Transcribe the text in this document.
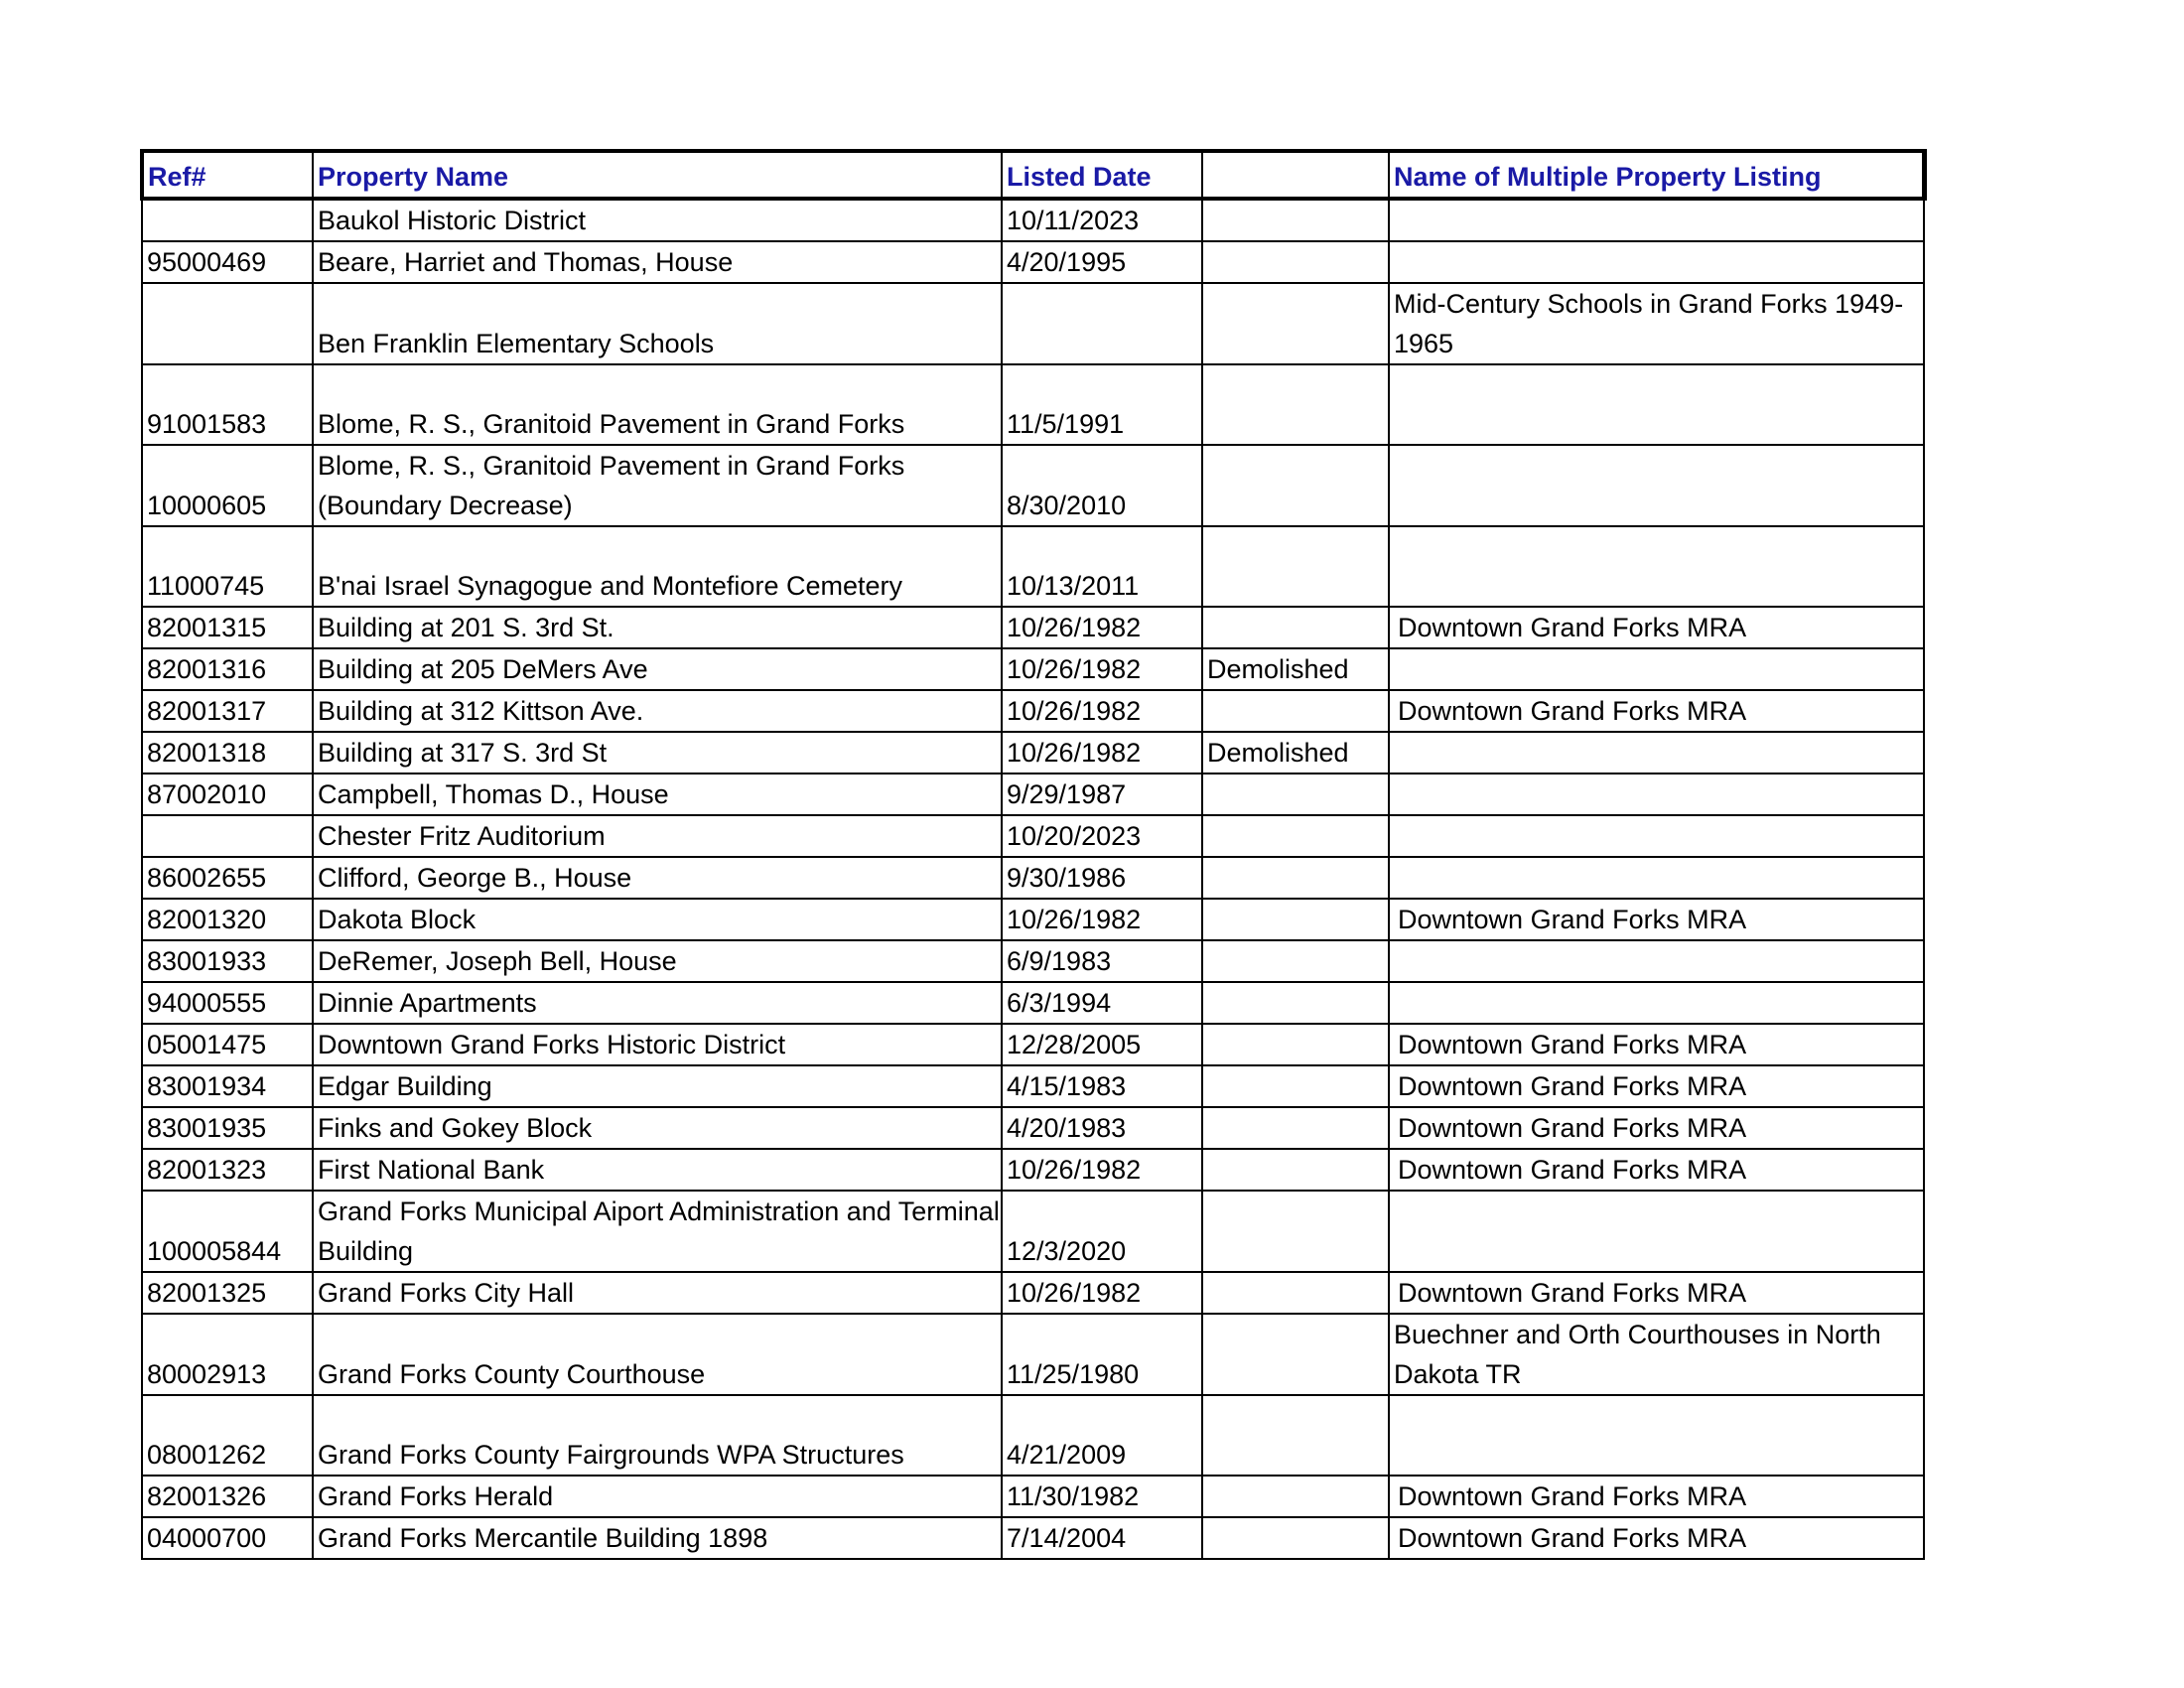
Ref#	Property Name	Listed Date		Name of Multiple Property Listing
	Baukol Historic District	10/11/2023		
95000469	Beare, Harriet and Thomas, House	4/20/1995		
	Ben Franklin Elementary Schools			Mid-Century Schools in Grand Forks 1949-1965
91001583	Blome, R. S., Granitoid Pavement in Grand Forks	11/5/1991		
10000605	Blome, R. S., Granitoid Pavement in Grand Forks (Boundary Decrease)	8/30/2010		
11000745	B'nai Israel Synagogue and Montefiore Cemetery	10/13/2011		
82001315	Building at 201 S. 3rd St.	10/26/1982		Downtown Grand Forks MRA
82001316	Building at 205 DeMers Ave	10/26/1982	Demolished	
82001317	Building at 312 Kittson Ave.	10/26/1982		Downtown Grand Forks MRA
82001318	Building at 317 S. 3rd St	10/26/1982	Demolished	
87002010	Campbell, Thomas D., House	9/29/1987		
	Chester Fritz Auditorium	10/20/2023		
86002655	Clifford, George B., House	9/30/1986		
82001320	Dakota Block	10/26/1982		Downtown Grand Forks MRA
83001933	DeRemer, Joseph Bell, House	6/9/1983		
94000555	Dinnie Apartments	6/3/1994		
05001475	Downtown Grand Forks Historic District	12/28/2005		Downtown Grand Forks MRA
83001934	Edgar Building	4/15/1983		Downtown Grand Forks MRA
83001935	Finks and Gokey Block	4/20/1983		Downtown Grand Forks MRA
82001323	First National Bank	10/26/1982		Downtown Grand Forks MRA
100005844	Grand Forks Municipal Aiport Administration and Terminal Building	12/3/2020		
82001325	Grand Forks City Hall	10/26/1982		Downtown Grand Forks MRA
80002913	Grand Forks County Courthouse	11/25/1980		Buechner and Orth Courthouses in North Dakota TR
08001262	Grand Forks County Fairgrounds WPA Structures	4/21/2009		
82001326	Grand Forks Herald	11/30/1982		Downtown Grand Forks MRA
04000700	Grand Forks Mercantile Building 1898	7/14/2004		Downtown Grand Forks MRA
